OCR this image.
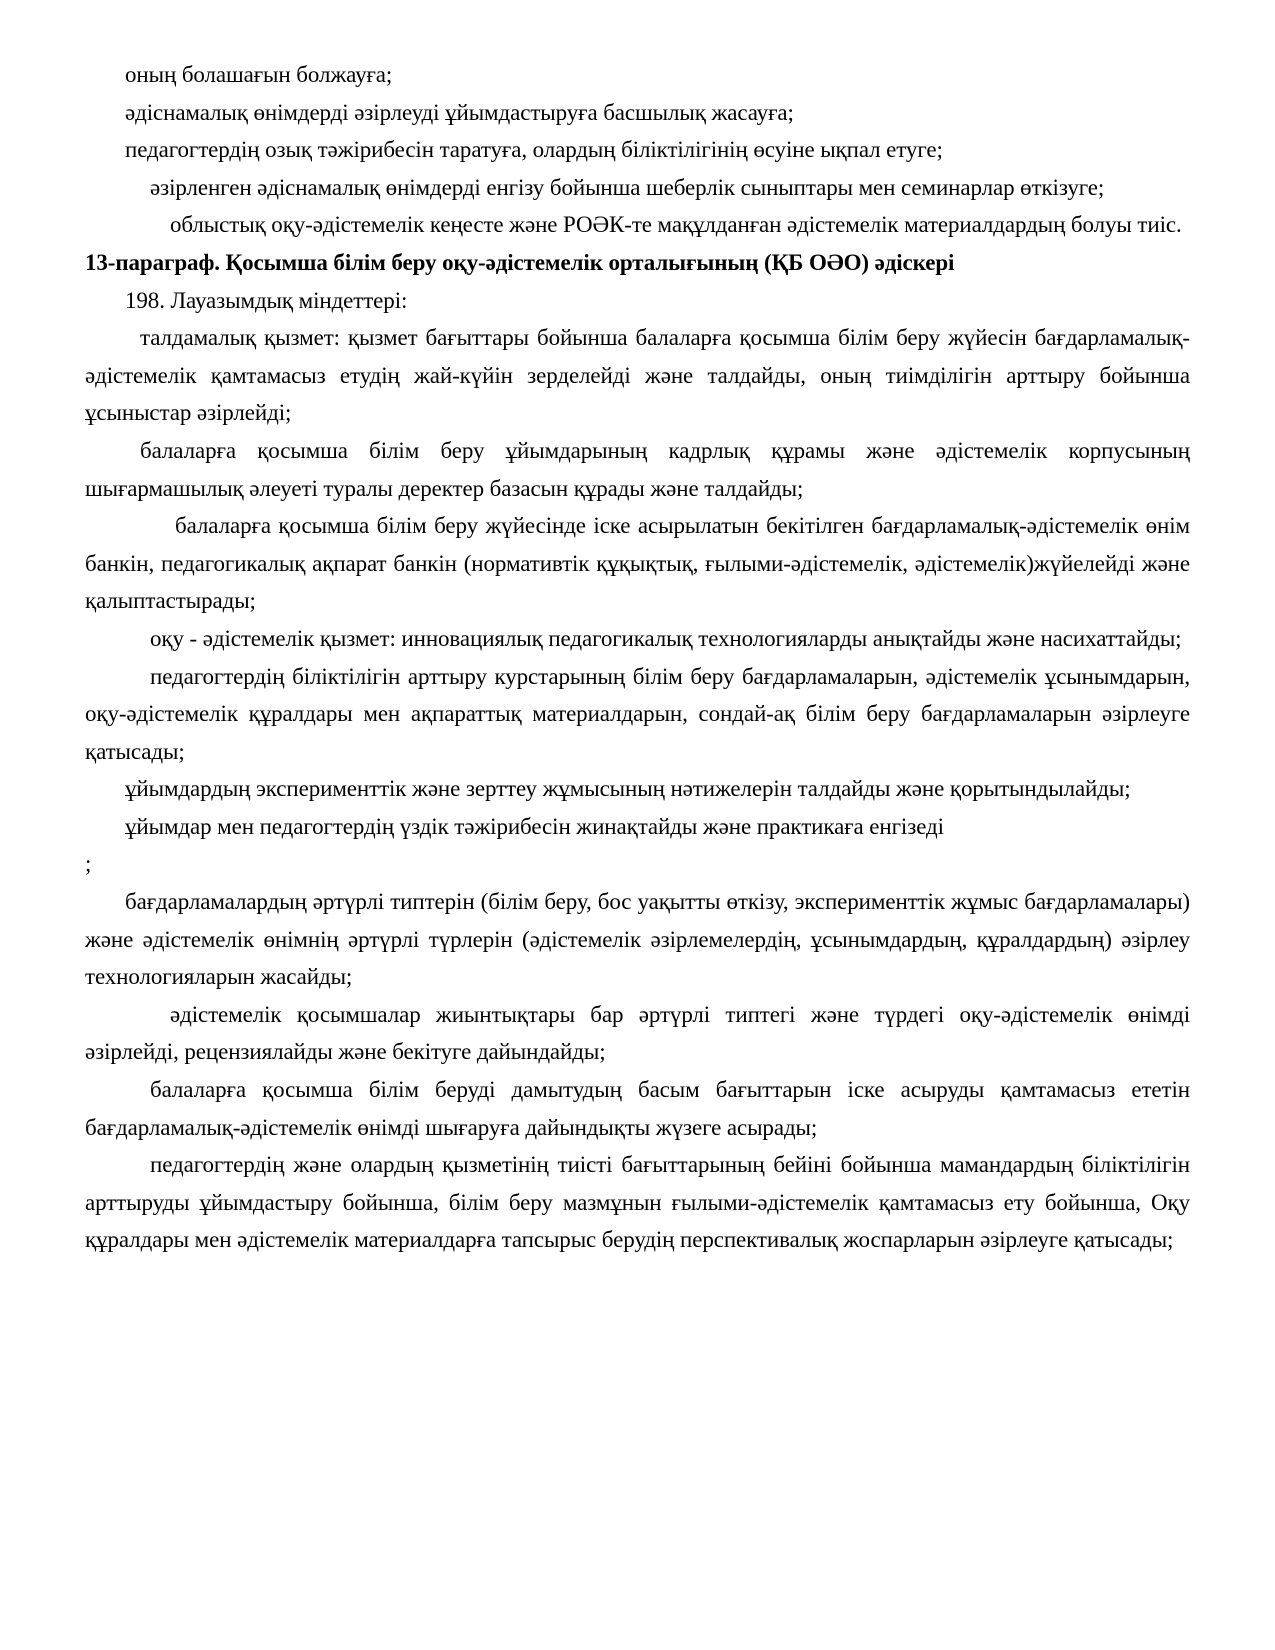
оның болашағын болжауға;

әдіснамалық өнімдерді әзірлеуді ұйымдастыруға басшылық жасауға;

педагогтердің озық тәжірибесін таратуға, олардың біліктілігінің өсуіне ықпал етуге;

әзірленген әдіснамалық өнімдерді енгізу бойынша шеберлік сыныптары мен семинарлар өткізуге;

облыстық оқу-әдістемелік кеңесте және РОӘК-те мақұлданған әдістемелік материалдардың болуы тиіс.

13-параграф. Қосымша білім беру оқу-әдістемелік орталығының (ҚБ ОӘО) әдіскері

198. Лауазымдық міндеттері:

талдамалық қызмет: қызмет бағыттары бойынша балаларға қосымша білім беру жүйесін бағдарламалық-әдістемелік қамтамасыз етудің жай-күйін зерделейді және талдайды, оның тиімділігін арттыру бойынша ұсыныстар әзірлейді;

балаларға қосымша білім беру ұйымдарының кадрлық құрамы және әдістемелік корпусының шығармашылық әлеуеті туралы деректер базасын құрады және талдайды;

балаларға қосымша білім беру жүйесінде іске асырылатын бекітілген бағдарламалық-әдістемелік өнім банкін, педагогикалық ақпарат банкін (нормативтік құқықтық, ғылыми-әдістемелік, әдістемелік)жүйелейді және қалыптастырады;

оқу - әдістемелік қызмет: инновациялық педагогикалық технологияларды анықтайды және насихаттайды;

педагогтердің біліктілігін арттыру курстарының білім беру бағдарламаларын, әдістемелік ұсынымдарын, оқу-әдістемелік құралдары мен ақпараттық материалдарын, сондай-ақ білім беру бағдарламаларын әзірлеуге қатысады;

ұйымдардың эксперименттік және зерттеу жұмысының нәтижелерін талдайды және қорытындылайды;

ұйымдар мен педагогтердің үздік тәжірибесін жинақтайды және практикаға енгізеді

;

бағдарламалардың әртүрлі типтерін (білім беру, бос уақытты өткізу, эксперименттік жұмыс бағдарламалары) және әдістемелік өнімнің әртүрлі түрлерін (әдістемелік әзірлемелердің, ұсынымдардың, құралдардың) әзірлеу технологияларын жасайды;

әдістемелік қосымшалар жиынтықтары бар әртүрлі типтегі және түрдегі оқу-әдістемелік өнімді әзірлейді, рецензиялайды және бекітуге дайындайды;

балаларға қосымша білім беруді дамытудың басым бағыттарын іске асыруды қамтамасыз ететін бағдарламалық-әдістемелік өнімді шығаруға дайындықты жүзеге асырады;

педагогтердің және олардың қызметінің тиісті бағыттарының бейіні бойынша мамандардың біліктілігін арттыруды ұйымдастыру бойынша, білім беру мазмұнын ғылыми-әдістемелік қамтамасыз ету бойынша, Оқу құралдары мен әдістемелік материалдарға тапсырыс берудің перспективалық жоспарларын әзірлеуге қатысады;
